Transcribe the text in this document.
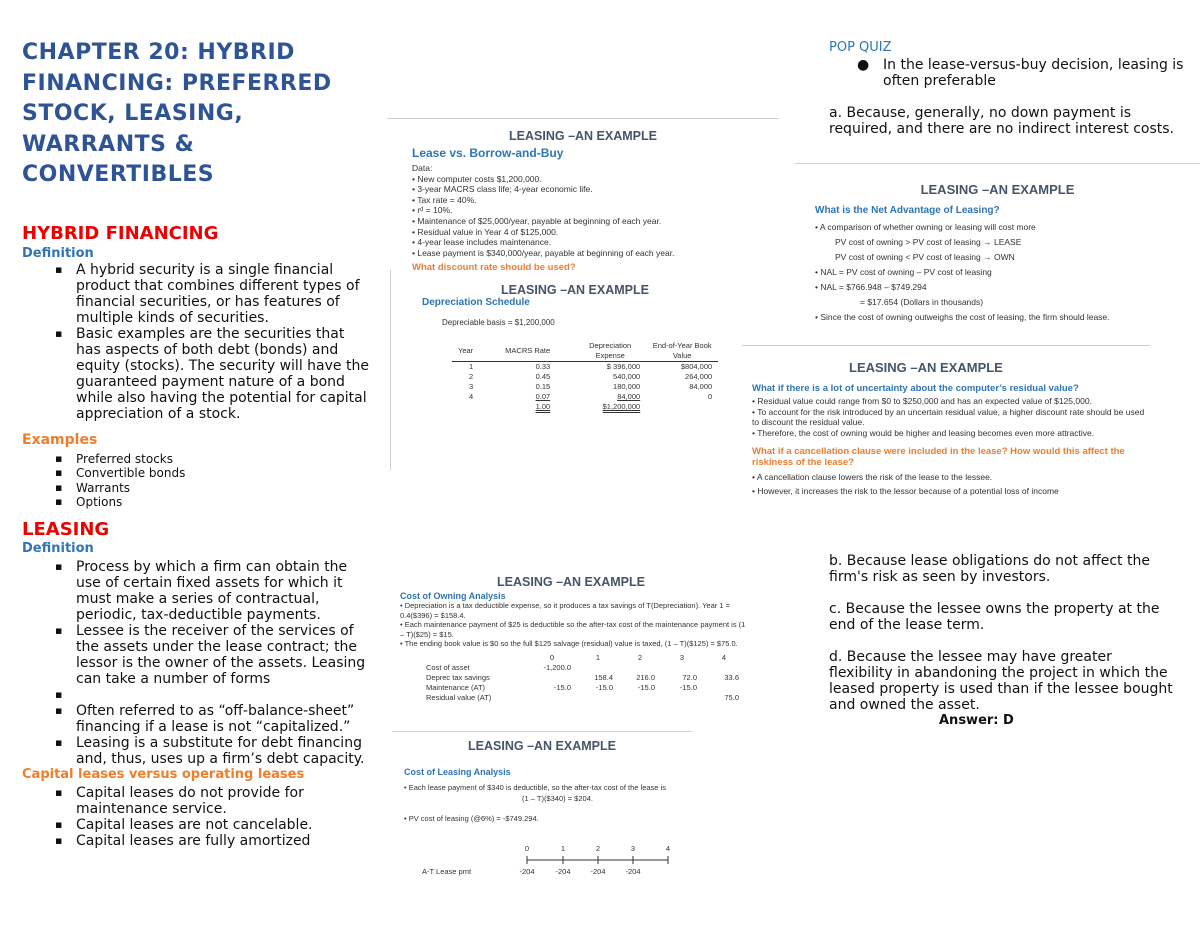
CHAPTER 20: HYBRID FINANCING: PREFERRED STOCK, LEASING, WARRANTS & CONVERTIBLES

HYBRID FINANCING

Definition

▪ A hybrid security is a single financial product that combines different types of financial securities, or has features of multiple kinds of securities.
▪ Basic examples are the securities that has aspects of both debt (bonds) and equity (stocks). The security will have the guaranteed payment nature of a bond while also having the potential for capital appreciation of a stock.

Examples

▪ Preferred stocks
▪ Convertible bonds
▪ Warrants
▪ Options

LEASING

Definition

▪ Process by which a firm can obtain the use of certain fixed assets for which it must make a series of contractual, periodic, tax-deductible payments.
▪ Lessee is the receiver of the services of the assets under the lease contract; the lessor is the owner of the assets. Leasing can take a number of forms
▪
▪ Often referred to as “off-balance-sheet” financing if a lease is not “capitalized.”
▪ Leasing is a substitute for debt financing and, thus, uses up a firm’s debt capacity.

Capital leases versus operating leases

▪ Capital leases do not provide for maintenance service.
▪ Capital leases are not cancelable.
▪ Capital leases are fully amortized

LEASING –AN EXAMPLE

Lease vs. Borrow-and-Buy

Data:

• New computer costs $1,200,000.

• 3-year MACRS class life; 4-year economic life.

• Tax rate = 40%.

• rᵈ = 10%.

• Maintenance of $25,000/year, payable at beginning of each year.

• Residual value in Year 4 of $125,000.

• 4-year lease includes maintenance.

• Lease payment is $340,000/year, payable at beginning of each year.

What discount rate should be used?

LEASING –AN EXAMPLE

Depreciation Schedule

Depreciable basis = $1,200,000

Year	MACRS Rate	Depreciation Expense	End-of-Year Book Value
1	0.33	$ 396,000	$804,000
2	0.45	540,000	264,000
3	0.15	180,000	84,000
4	0.07	84,000	0
	1.00	$1,200,000	

LEASING –AN EXAMPLE

What is the Net Advantage of Leasing?

• A comparison of whether owning or leasing will cost more

PV cost of owning > PV cost of leasing → LEASE

PV cost of owning < PV cost of leasing → OWN

• NAL = PV cost of owning – PV cost of leasing

• NAL = $766.948 – $749.294

= $17.654 (Dollars in thousands)

• Since the cost of owning outweighs the cost of leasing, the firm should lease.

LEASING –AN EXAMPLE

What if there is a lot of uncertainty about the computer’s residual value?

• Residual value could range from $0 to $250,000 and has an expected value of $125,000.

• To account for the risk introduced by an uncertain residual value, a higher discount rate should be used to discount the residual value.

• Therefore, the cost of owning would be higher and leasing becomes even more attractive.

What if a cancellation clause were included in the lease? How would this affect the riskiness of the lease?

• A cancellation clause lowers the risk of the lease to the lessee.

• However, it increases the risk to the lessor because of a potential loss of income

LEASING –AN EXAMPLE

Cost of Owning Analysis

• Depreciation is a tax deductible expense, so it produces a tax savings of T(Depreciation). Year 1 = 0.4($396) = $158.4.

• Each maintenance payment of $25 is deductible so the after-tax cost of the maintenance payment is (1 – T)($25) = $15.

• The ending book value is $0 so the full $125 salvage (residual) value is taxed, (1 – T)($125) = $75.0.

	0	1	2	3	4
Cost of asset	-1,200.0				
Deprec tax savings		158.4	216.0	72.0	33.6
Maintenance (AT)	-15.0	-15.0	-15.0	-15.0	
Residual value (AT)					75.0

LEASING –AN EXAMPLE

Cost of Leasing Analysis

• Each lease payment of $340 is deductible, so the after-tax cost of the lease is

(1 – T)($340) = $204.

• PV cost of leasing (@6%) = -$749.294.

0	1	2	3	4
A-T Lease pmt	-204	-204	-204	-204

POP QUIZ

● In the lease-versus-buy decision, leasing is often preferable

a. Because, generally, no down payment is required, and there are no indirect interest costs.

b. Because lease obligations do not affect the firm's risk as seen by investors.

c. Because the lessee owns the property at the end of the lease term.

d. Because the lessee may have greater flexibility in abandoning the project in which the leased property is used than if the lessee bought and owned the asset.

Answer: D
